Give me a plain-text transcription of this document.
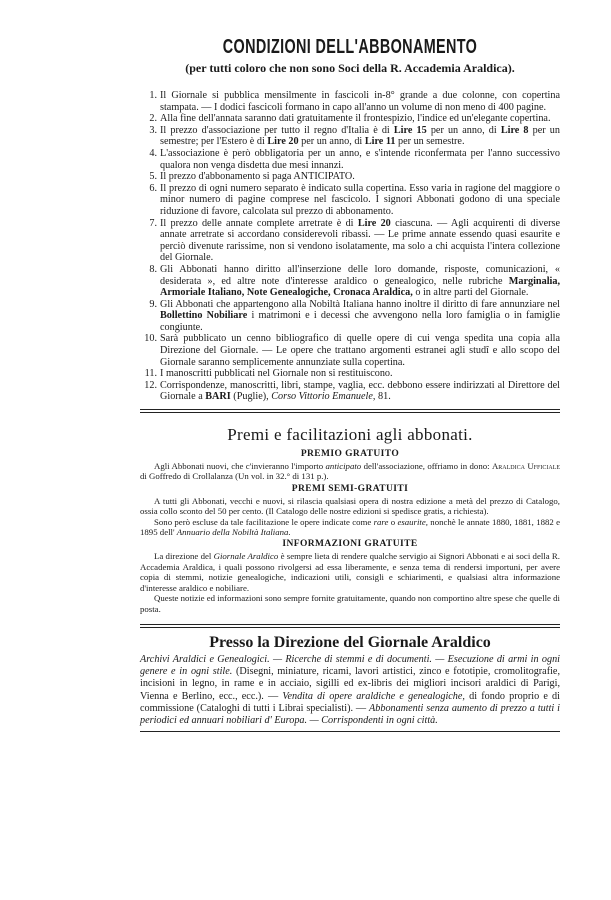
CONDIZIONI DELL'ABBONAMENTO
(per tutti coloro che non sono Soci della R. Accademia Araldica).
1. Il Giornale si pubblica mensilmente in fascicoli in-8° grande a due colonne, con copertina stampata. — I dodici fascicoli formano in capo all'anno un volume di non meno di 400 pagine.
2. Alla fine dell'annata saranno dati gratuitamente il frontespizio, l'indice ed un'elegante copertina.
3. Il prezzo d'associazione per tutto il regno d'Italia è di Lire 15 per un anno, di Lire 8 per un semestre; per l'Estero è di Lire 20 per un anno, di Lire 11 per un semestre.
4. L'associazione è però obbligatoria per un anno, e s'intende riconfermata per l'anno successivo qualora non venga disdetta due mesi innanzi.
5. Il prezzo d'abbonamento si paga ANTICIPATO.
6. Il prezzo di ogni numero separato è indicato sulla copertina. Esso varia in ragione del maggiore o minor numero di pagine comprese nel fascicolo. I signori Abbonati godono di una speciale riduzione di favore, calcolata sul prezzo di abbonamento.
7. Il prezzo delle annate complete arretrate è di Lire 20 ciascuna. — Agli acquirenti di diverse annate arretrate si accordano considerevoli ribassi. — Le prime annate essendo quasi esaurite e perciò divenute rarissime, non si vendono isolatamente, ma solo a chi acquista l'intera collezione del Giornale.
8. Gli Abbonati hanno diritto all'inserzione delle loro domande, risposte, comunicazioni, « desiderata », ed altre note d'interesse araldico o genealogico, nelle rubriche Marginalia, Armoriale Italiano, Note Genealogiche, Cronaca Araldica, o in altre parti del Giornale.
9. Gli Abbonati che appartengono alla Nobiltà Italiana hanno inoltre il diritto di fare annunziare nel Bollettino Nobiliare i matrimoni e i decessi che avvengono nella loro famiglia o in famiglie congiunte.
10. Sarà pubblicato un cenno bibliografico di quelle opere di cui venga spedita una copia alla Direzione del Giornale. — Le opere che trattano argomenti estranei agli studî e allo scopo del Giornale saranno semplicemente annunziate sulla copertina.
11. I manoscritti pubblicati nel Giornale non si restituiscono.
12. Corrispondenze, manoscritti, libri, stampe, vaglia, ecc. debbono essere indirizzati al Direttore del Giornale a BARI (Puglie), Corso Vittorio Emanuele, 81.
Premi e facilitazioni agli abbonati.
PREMIO GRATUITO

Agli Abbonati nuovi, che c'invieranno l'importo anticipato dell'associazione, offriamo in dono: Araldica Ufficiale di Goffredo di Crollalanza (Un vol. in 32.° di 131 p.).

PREMI SEMI-GRATUITI

A tutti gli Abbonati, vecchi e nuovi, si rilascia qualsiasi opera di nostra edizione a metà del prezzo di Catalogo, ossia collo sconto del 50 per cento. (Il Catalogo delle nostre edizioni si spedisce gratis, a richiesta).

Sono però escluse da tale facilitazione le opere indicate come rare o esaurite, nonchè le annate 1880, 1881, 1882 e 1895 dell' Annuario della Nobiltà Italiana.

INFORMAZIONI GRATUITE

La direzione del Giornale Araldico è sempre lieta di rendere qualche servigio ai Signori Abbonati e ai soci della R. Accademia Araldica, i quali possono rivolgersi ad essa liberamente, e senza tema di rendersi importuni, per avere copia di stemmi, notizie genealogiche, indicazioni utili, consigli e schiarimenti, e qualsiasi altra informazione d'interesse araldico e nobiliare.

Queste notizie ed informazioni sono sempre fornite gratuitamente, quando non comportino altre spese che quelle di posta.

Presso la Direzione del Giornale Araldico

Archivi Araldici e Genealogici. — Ricerche di stemmi e di documenti. — Esecuzione di armi in ogni genere e in ogni stile. (Disegni, miniature, ricami, lavori artistici, zinco e fototipie, cromolitografie, incisioni in legno, in rame e in acciaio, sigilli ed ex-libris dei migliori incisori araldici di Parigi, Vienna e Berlino, ecc., ecc.). — Vendita di opere araldiche e genealogiche, di fondo proprio e di commissione (Cataloghi di tutti i Librai specialisti). — Abbonamenti senza aumento di prezzo a tutti i periodici ed annuari nobiliari d' Europa. — Corrispondenti in ogni città.
